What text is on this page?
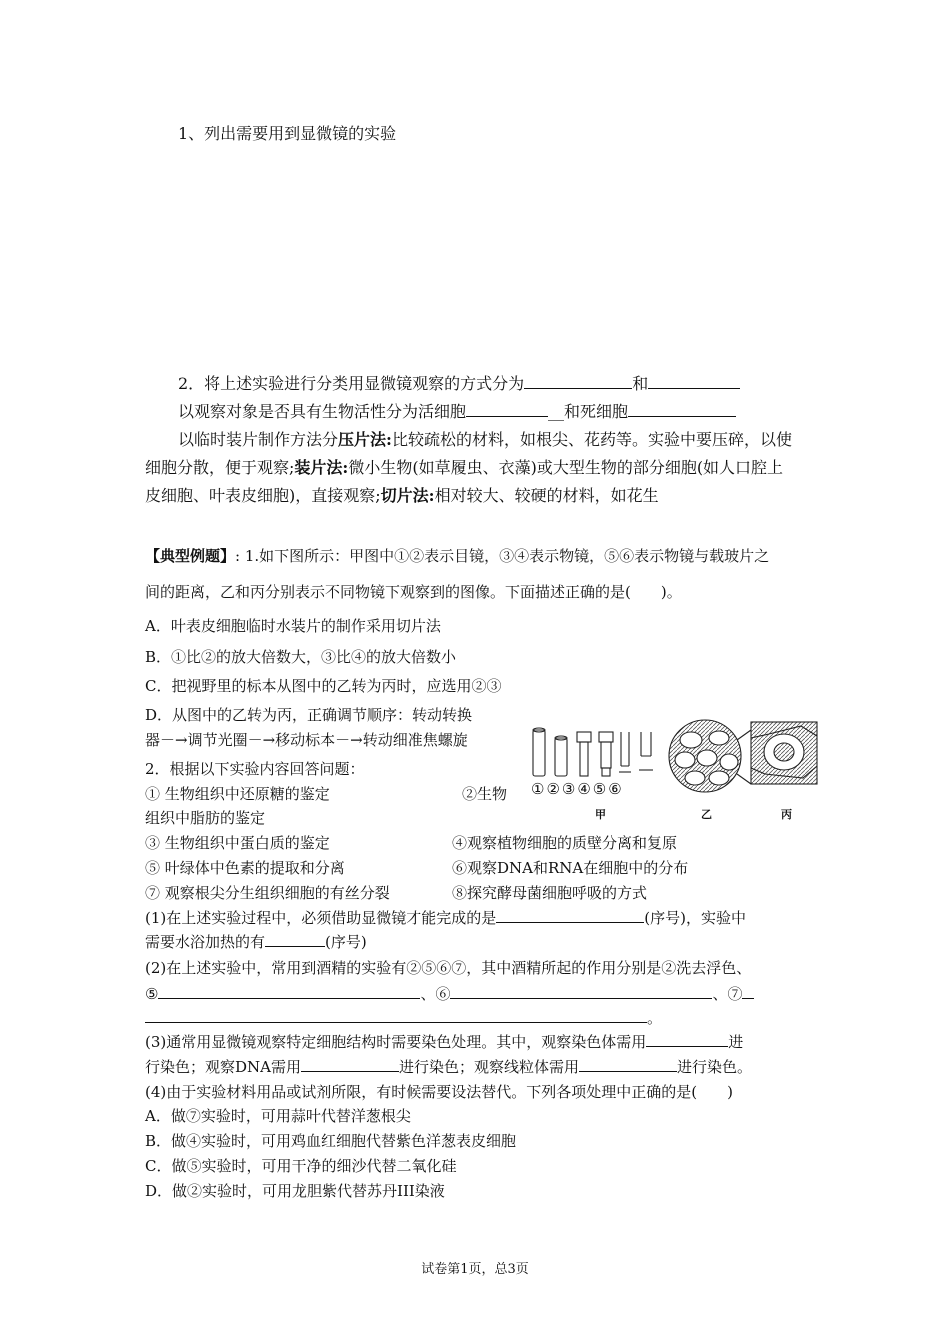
1、列出需要用到显微镜的实验
2．将上述实验进行分类用显微镜观察的方式分为	和
以观察对象是否具有生物活性分为活细胞	__和死细胞
以临时装片制作方法分压片法:比较疏松的材料，如根尖、花药等。实验中要压碎，以使
细胞分散，便于观察;装片法:微小生物(如草履虫、衣藻)或大型生物的部分细胞(如人口腔上
皮细胞、叶表皮细胞)，直接观察;切片法:相对较大、较硬的材料，如花生
【典型例题】: 1.如下图所示：甲图中①②表示目镜，③④表示物镜，⑤⑥表示物镜与载玻片之
间的距离，乙和丙分别表示不同物镜下观察到的图像。下面描述正确的是(　　)。
A．叶表皮细胞临时水装片的制作采用切片法
B．①比②的放大倍数大，③比④的放大倍数小
C．把视野里的标本从图中的乙转为丙时，应选用②③
D．从图中的乙转为丙，正确调节顺序：转动转换
器－→调节光圈－→移动标本－→转动细准焦螺旋
①②③④⑤⑥
甲	乙	丙
2．根据以下实验内容回答问题：
① 生物组织中还原糖的鉴定	②生物
组织中脂肪的鉴定
③ 生物组织中蛋白质的鉴定	④观察植物细胞的质壁分离和复原
⑤ 叶绿体中色素的提取和分离	⑥观察DNA和RNA在细胞中的分布
⑦ 观察根尖分生组织细胞的有丝分裂	⑧探究酵母菌细胞呼吸的方式
(1)在上述实验过程中，必须借助显微镜才能完成的是	(序号)，实验中
需要水浴加热的有	(序号)
(2)在上述实验中，常用到酒精的实验有②⑤⑥⑦，其中酒精所起的作用分别是②洗去浮色、
⑤	、⑥	、⑦
。
(3)通常用显微镜观察特定细胞结构时需要染色处理。其中，观察染色体需用	进
行染色；观察DNA需用	进行染色；观察线粒体需用	进行染色。
(4)由于实验材料用品或试剂所限，有时候需要设法替代。下列各项处理中正确的是(　　)
A．做⑦实验时，可用蒜叶代替洋葱根尖
B．做④实验时，可用鸡血红细胞代替紫色洋葱表皮细胞
C．做⑤实验时，可用干净的细沙代替二氧化硅
D．做②实验时，可用龙胆紫代替苏丹III染液
试卷第1页，总3页
